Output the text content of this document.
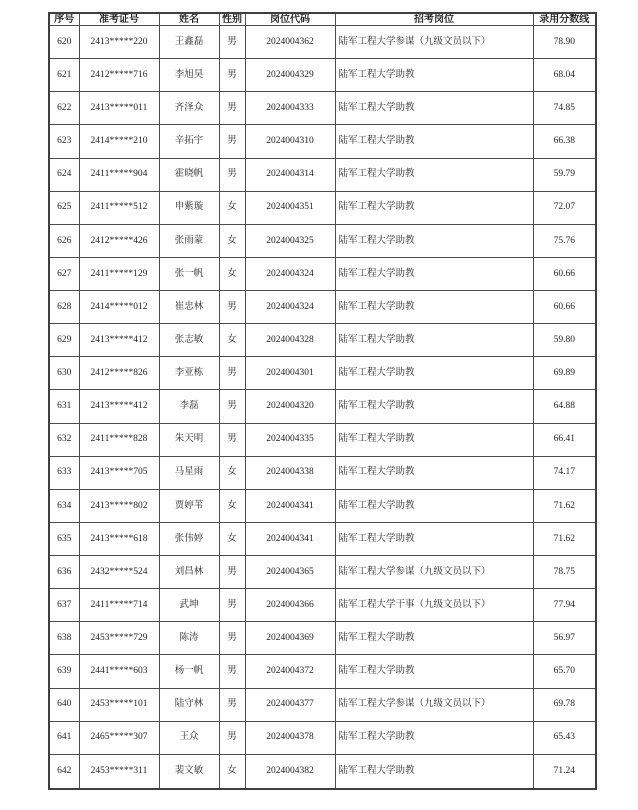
序号	准考证号	姓名	性别	岗位代码	招考岗位	录用分数线
620	2413*****220	王鑫磊	男	2024004362	陆军工程大学参谋（九级文员以下）	78.90
621	2412*****716	李旭昊	男	2024004329	陆军工程大学助教	68.04
622	2413*****011	齐泽众	男	2024004333	陆军工程大学助教	74.85
623	2414*****210	辛拓宇	男	2024004310	陆军工程大学助教	66.38
624	2411*****904	霍晓帆	男	2024004314	陆军工程大学助教	59.79
625	2411*****512	申紫璇	女	2024004351	陆军工程大学助教	72.07
626	2412*****426	张雨蒙	女	2024004325	陆军工程大学助教	75.76
627	2411*****129	张一帆	女	2024004324	陆军工程大学助教	60.66
628	2414*****012	崔忠林	男	2024004324	陆军工程大学助教	60.66
629	2413*****412	张志敏	女	2024004328	陆军工程大学助教	59.80
630	2412*****826	李亚栋	男	2024004301	陆军工程大学助教	69.89
631	2413*****412	李磊	男	2024004320	陆军工程大学助教	64.88
632	2411*****828	朱天明	男	2024004335	陆军工程大学助教	66.41
633	2413*****705	马星雨	女	2024004338	陆军工程大学助教	74.17
634	2413*****802	贾婷苇	女	2024004341	陆军工程大学助教	71.62
635	2413*****618	张伟婷	女	2024004341	陆军工程大学助教	71.62
636	2432*****524	刘昌林	男	2024004365	陆军工程大学参谋（九级文员以下）	78.75
637	2411*****714	武坤	男	2024004366	陆军工程大学干事（九级文员以下）	77.94
638	2453*****729	陈涛	男	2024004369	陆军工程大学助教	56.97
639	2441*****603	杨一帆	男	2024004372	陆军工程大学助教	65.70
640	2453*****101	陆守林	男	2024004377	陆军工程大学参谋（九级文员以下）	69.78
641	2465*****307	王众	男	2024004378	陆军工程大学助教	65.43
642	2453*****311	裴文敏	女	2024004382	陆军工程大学助教	71.24
